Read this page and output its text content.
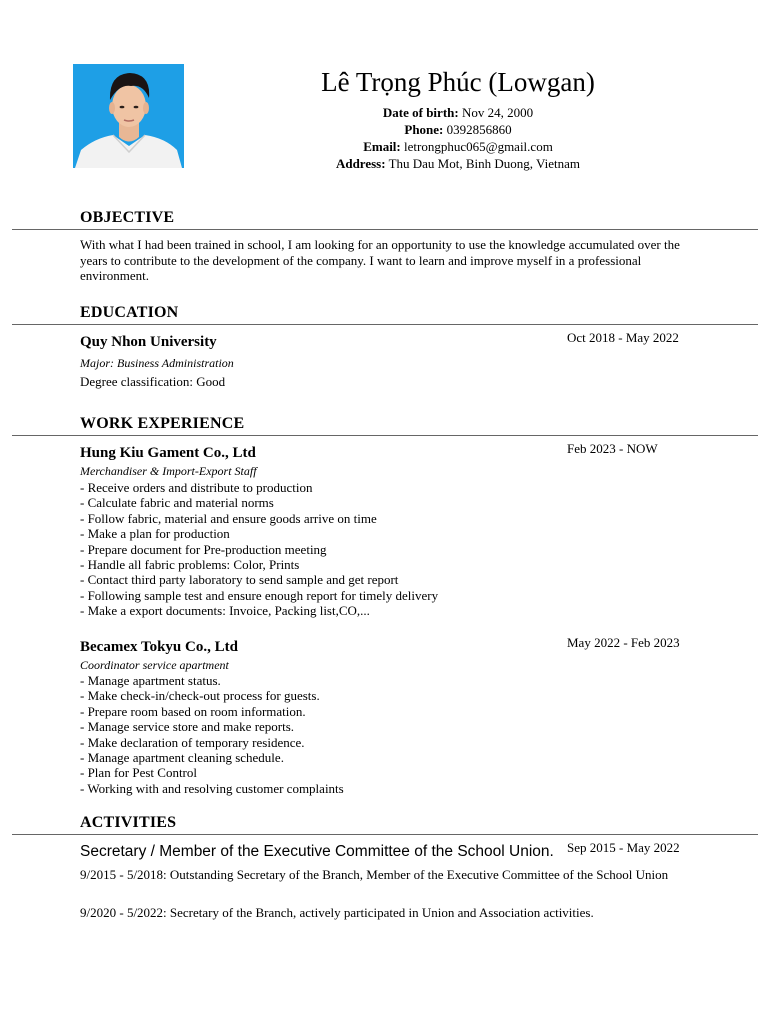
Lê Trọng Phúc (Lowgan)
Date of birth: Nov 24, 2000
Phone: 0392856860
Email: letrongphuc065@gmail.com
Address: Thu Dau Mot, Binh Duong, Vietnam
OBJECTIVE
With what I had been trained in school, I am looking for an opportunity to use the knowledge accumulated over the years to contribute to the development of the company. I want to learn and improve myself in a professional environment.
EDUCATION
Quy Nhon University	Oct 2018 - May 2022
Major: Business Administration
Degree classification: Good
WORK EXPERIENCE
Hung Kiu Gament Co., Ltd	Feb 2023 - NOW
Merchandiser & Import-Export Staff
- Receive orders and distribute to production
- Calculate fabric and material norms
- Follow fabric, material and ensure goods arrive on time
- Make a plan for production
- Prepare document for Pre-production meeting
- Handle all fabric problems: Color, Prints
- Contact third party laboratory to send sample and get report
- Following sample test and ensure enough report for timely delivery
- Make a export documents: Invoice, Packing list,CO,...
Becamex Tokyu Co., Ltd	May 2022 - Feb 2023
Coordinator service apartment
- Manage apartment status.
- Make check-in/check-out process for guests.
- Prepare room based on room information.
- Manage service store and make reports.
- Make declaration of temporary residence.
- Manage apartment cleaning schedule.
- Plan for Pest Control
- Working with and resolving customer complaints
ACTIVITIES
Secretary / Member of the Executive Committee of the School Union. Sep 2015 - May 2022
9/2015 - 5/2018: Outstanding Secretary of the Branch, Member of the Executive Committee of the School Union
9/2020 - 5/2022: Secretary of the Branch, actively participated in Union and Association activities.
